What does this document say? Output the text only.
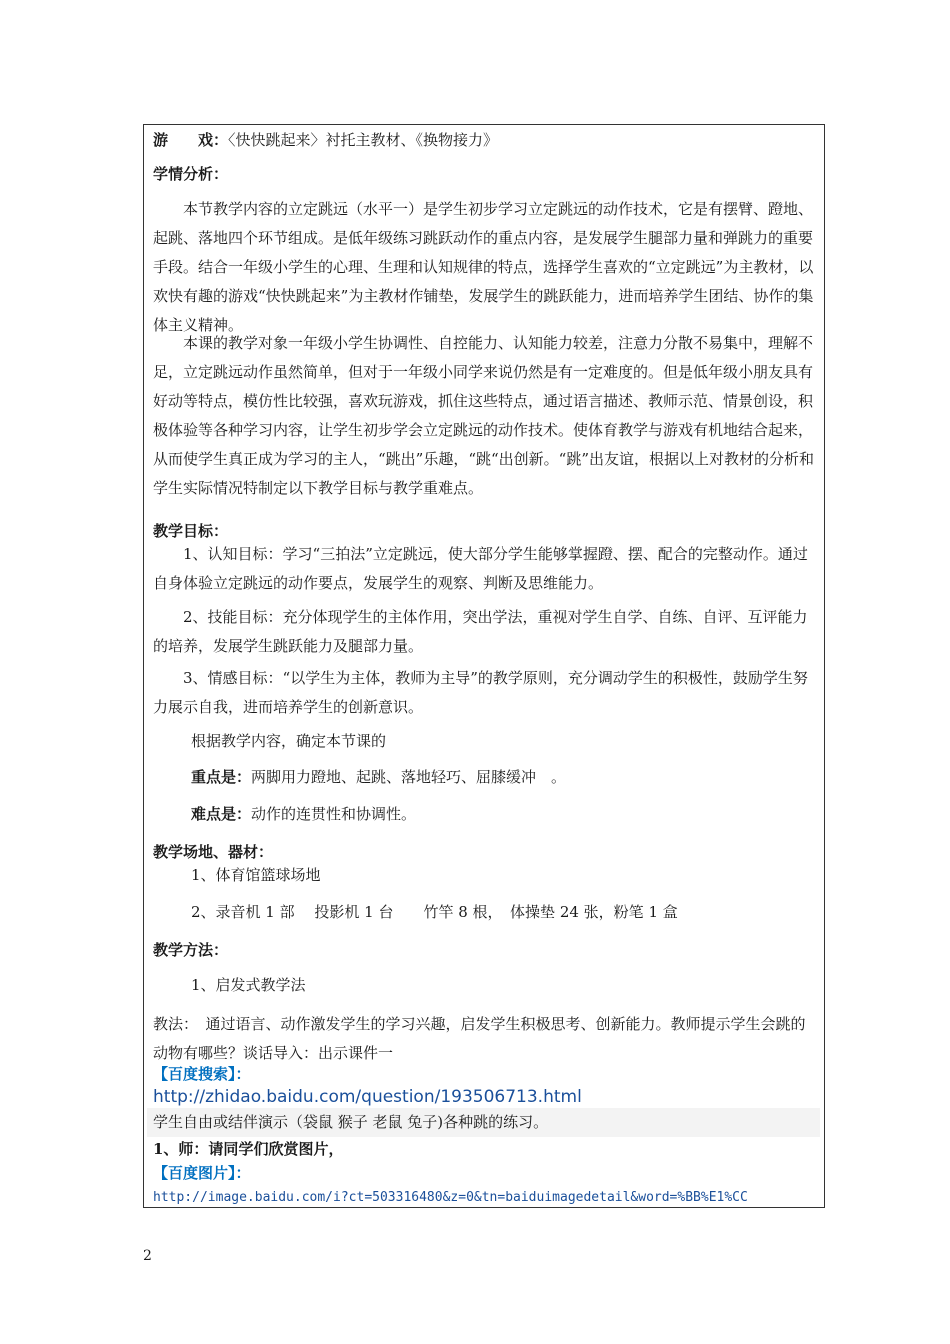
游　　戏：〈快快跳起来〉衬托主教材、《换物接力》
学情分析：
本节教学内容的立定跳远（水平一）是学生初步学习立定跳远的动作技术，它是有摆臂、蹬地、起跳、落地四个环节组成。是低年级练习跳跃动作的重点内容，是发展学生腿部力量和弹跳力的重要手段。结合一年级小学生的心理、生理和认知规律的特点，选择学生喜欢的“立定跳远”为主教材，以欢快有趣的游戏“快快跳起来”为主教材作铺垫，发展学生的跳跃能力，进而培养学生团结、协作的集体主义精神。
本课的教学对象一年级小学生协调性、自控能力、认知能力较差，注意力分散不易集中，理解不足，立定跳远动作虽然简单，但对于一年级小同学来说仍然是有一定难度的。但是低年级小朋友具有好动等特点，模仿性比较强，喜欢玩游戏，抓住这些特点，通过语言描述、教师示范、情景创设，积极体验等各种学习内容，让学生初步学会立定跳远的动作技术。使体育教学与游戏有机地结合起来，从而使学生真正成为学习的主人，“跳出”乐趣，“跳“出创新。“跳”出友谊，根据以上对教材的分析和学生实际情况特制定以下教学目标与教学重难点。
教学目标：
1、认知目标：学习“三拍法”立定跳远，使大部分学生能够掌握蹬、摆、配合的完整动作。通过自身体验立定跳远的动作要点，发展学生的观察、判断及思维能力。
2、技能目标：充分体现学生的主体作用，突出学法，重视对学生自学、自练、自评、互评能力的培养，发展学生跳跃能力及腿部力量。
3、情感目标：“以学生为主体，教师为主导”的教学原则，充分调动学生的积极性，鼓励学生努力展示自我，进而培养学生的创新意识。
根据教学内容，确定本节课的
重点是：两脚用力蹬地、起跳、落地轻巧、屈膝缓冲　。
难点是：动作的连贯性和协调性。
教学场地、器材：
1、体育馆篮球场地
2、录音机 1 部　 投影机 1 台　　竹竿 8 根，　体操垫 24 张，粉笔 1 盒
教学方法：
1、启发式教学法
教法：　通过语言、动作激发学生的学习兴趣，启发学生积极思考、创新能力。教师提示学生会跳的动物有哪些？谈话导入：出示课件一
【百度搜索】：
http://zhidao.baidu.com/question/193506713.html
学生自由或结伴演示（袋鼠 猴子 老鼠 兔子)各种跳的练习。
1、师：请同学们欣赏图片，
【百度图片】：
http://image.baidu.com/i?ct=503316480&z=0&tn=baiduimagedetail&word=%BB%E1%CC
2
